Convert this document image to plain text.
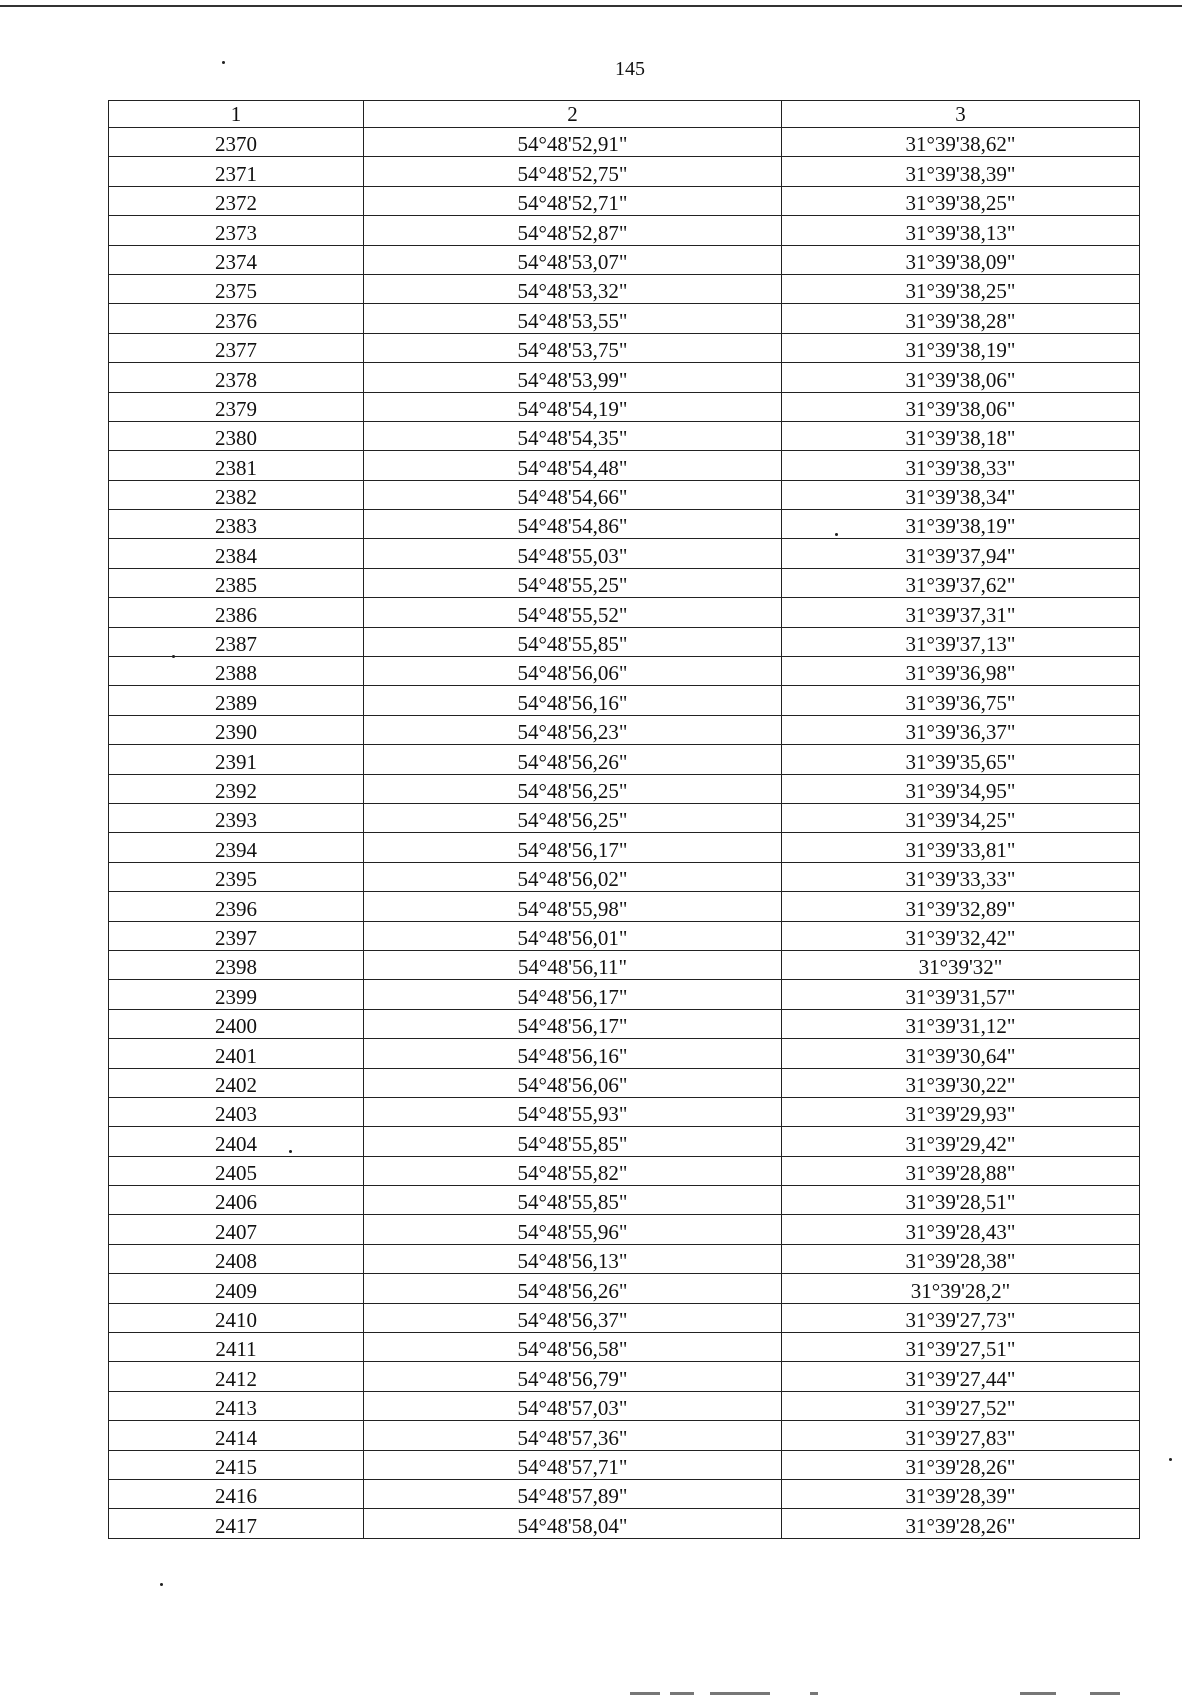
145
1	2	3
2370	54°48'52,91"	31°39'38,62"
2371	54°48'52,75"	31°39'38,39"
2372	54°48'52,71"	31°39'38,25"
2373	54°48'52,87"	31°39'38,13"
2374	54°48'53,07"	31°39'38,09"
2375	54°48'53,32"	31°39'38,25"
2376	54°48'53,55"	31°39'38,28"
2377	54°48'53,75"	31°39'38,19"
2378	54°48'53,99"	31°39'38,06"
2379	54°48'54,19"	31°39'38,06"
2380	54°48'54,35"	31°39'38,18"
2381	54°48'54,48"	31°39'38,33"
2382	54°48'54,66"	31°39'38,34"
2383	54°48'54,86"	31°39'38,19"
2384	54°48'55,03"	31°39'37,94"
2385	54°48'55,25"	31°39'37,62"
2386	54°48'55,52"	31°39'37,31"
2387	54°48'55,85"	31°39'37,13"
2388	54°48'56,06"	31°39'36,98"
2389	54°48'56,16"	31°39'36,75"
2390	54°48'56,23"	31°39'36,37"
2391	54°48'56,26"	31°39'35,65"
2392	54°48'56,25"	31°39'34,95"
2393	54°48'56,25"	31°39'34,25"
2394	54°48'56,17"	31°39'33,81"
2395	54°48'56,02"	31°39'33,33"
2396	54°48'55,98"	31°39'32,89"
2397	54°48'56,01"	31°39'32,42"
2398	54°48'56,11"	31°39'32"
2399	54°48'56,17"	31°39'31,57"
2400	54°48'56,17"	31°39'31,12"
2401	54°48'56,16"	31°39'30,64"
2402	54°48'56,06"	31°39'30,22"
2403	54°48'55,93"	31°39'29,93"
2404	54°48'55,85"	31°39'29,42"
2405	54°48'55,82"	31°39'28,88"
2406	54°48'55,85"	31°39'28,51"
2407	54°48'55,96"	31°39'28,43"
2408	54°48'56,13"	31°39'28,38"
2409	54°48'56,26"	31°39'28,2"
2410	54°48'56,37"	31°39'27,73"
2411	54°48'56,58"	31°39'27,51"
2412	54°48'56,79"	31°39'27,44"
2413	54°48'57,03"	31°39'27,52"
2414	54°48'57,36"	31°39'27,83"
2415	54°48'57,71"	31°39'28,26"
2416	54°48'57,89"	31°39'28,39"
2417	54°48'58,04"	31°39'28,26"
